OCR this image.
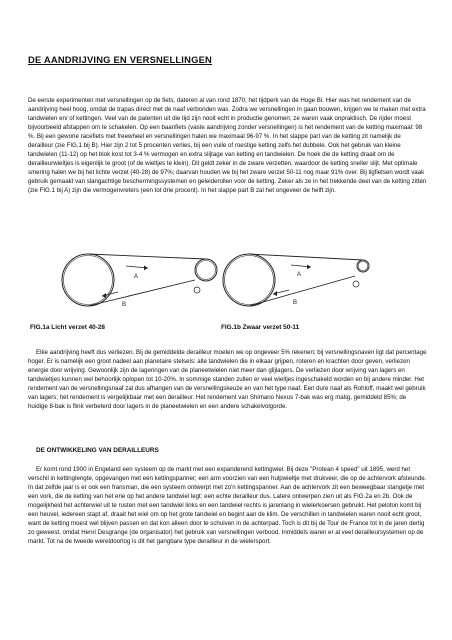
DE AANDRIJVING EN VERSNELLINGEN

De eerste experimenten met versnellingen op de fiets, dateren al van rond 1870; het tijdperk van de Hoge Bi. Hier was het rendement van de aandrijving heel hoog, omdat de trapas direct met de naaf verbonden was. Zodra we versnellingen in gaan bouwen, krijgen we te maken met extra tandwielen en/ of kettingen. Veel van de patenten uit die tijd zijn nooit echt in productie genomen; ze waren vaak onpraktisch. De rijder moest bijvoorbeeld afstappen om te schakelen. Op een baanfiets (vaste aandrijving zonder versnellingen) is het rendement van de ketting maximaal: 98 %. Bij een gewone racefiets met freewheel en versnellingen halen we maximaal 96-97 %. In het slappe part van de ketting zit namelijk de derailleur (zie FIG.1 bij B). Hier zijn 2 tot 5 procenten verlies, bij een vuile of roestige ketting zelfs het dubbele. Ook het gebruik van kleine tandwielen (11-12) op het blok kost tot 3-4 % vermogen en extra slijtage van ketting en tandwielen. De hoek die de ketting draait om de derailleurwieltjes is eigenlijk te groot (of de wieltjes te klein). Dit geldt zeker in de zware verzetten, waardoor de ketting sneller slijt. Met optimale smering halen we bij het lichte verzet (40-28) de 97%; daarvan houden we bij het zware verzet 50-11 nog maar 91% over. Bij ligfietsen wordt vaak gebruik gemaakt van slangachtige beschermingssystemen en geleiderollen voor de ketting. Zeker als ze in het trekkende deel van de ketting zitten (zie FIG.1 bij A) zijn die vermogenvreters (een tot drie procent). In het slappe part B zal het ongeveer de helft zijn.

A
B
A
B

FIG.1a Licht verzet 40-28	FIG.1b Zwaar verzet 50-11

Elke aandrijving heeft dus verliezen. Bij de gemiddelde derailleur moeten we op ongeveer 5% rekenen; bij versnellingsnaven ligt dat percentage hoger. Er is namelijk een groot nadeel aan planetaire stelsels: alle tandwielen die in elkaar grijpen, roteren en krachten door geven, verliezen energie door wrijving. Gewoonlijk zijn de lageringen van de planeetwielen niet meer dan glijlagers. De verliezen door wrijving van lagers en tandwieltjes kunnen wel behoorlijk oplopen tot 10-20%. In sommige standen zullen er veel wieltjes ingeschakeld worden en bij andere minder. Het rendement van de versnellingsnaaf zal dus afhangen van de versnellingskeuze en van het type naaf. Een dure naaf als Rohloff, maakt wel gebruik van lagers; het rendement is vergelijkbaar met een derailleur. Het rendement van Shimano Nexus 7-bak was erg matig, gemiddeld 85%; de huidige 8-bak is flink verbeterd door lagers in de planeetwielen en een andere schakelvolgorde.

DE ONTWIKKELING VAN DERAILLEURS

Er komt rond 1900 in Engeland een systeem op de markt met een expanderend kettingwiel. Bij deze "Protean 4 speed" uit 1895, werd het verschil in kettinglengte, opgevangen met een kettingspanner; een arm voorzien van een hulpwieltje met drukveer, die op de achtervork afsteunde. In dat zelfde jaar is er ook een fransman, die een systeem ontwerpt met zo'n kettingspanner. Aan de achtervork zit een beweegbaar stangetje met een vork, die de ketting van het ene op het andere tandwiel legt: een echte derailleur dus. Latere ontwerpen zien uit als FIG.2a en 2b. Ook de mogelijkheid het achterwiel uit te rusten met een tandwiel links en een tandwiel rechts is jarenlang in wielerkoersen gebruikt. Het peloton komt bij een heuvel, iedereen stapt af, draait het wiel om op het grote tandwiel en begint aan de klim. De verschillen in tandwielen waren nooit echt groot, want de ketting moest wel blijven passen en dat kon alleen door te schuiven in de achterpad. Toch is dit bij de Tour de France tot in de jaren dertig zo geweest, omdat Henri Desgrange (de organisator) het gebruik van versnellingen verbood. Inmiddels waren er al veel derailleursystemen op de markt. Tot na de tweede wereldoorlog is dit het gangbare type derailleur in de wielersport.
